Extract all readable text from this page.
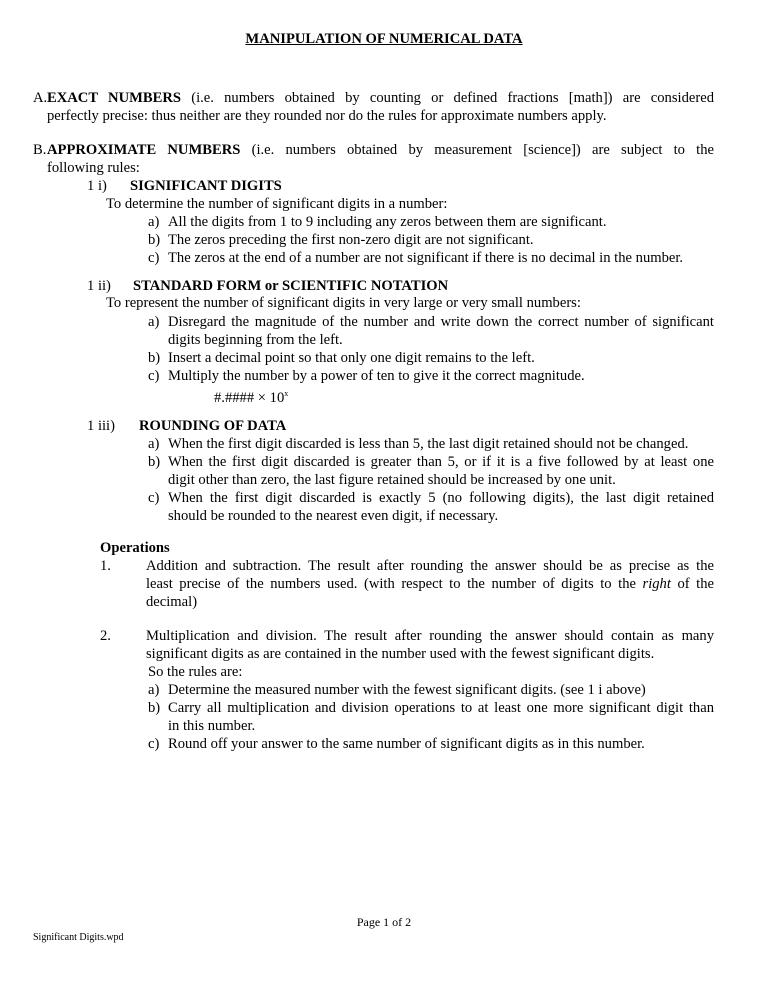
MANIPULATION OF NUMERICAL DATA
A. EXACT NUMBERS (i.e. numbers obtained by counting or defined fractions [math]) are considered
perfectly precise: thus neither are they rounded nor do the rules for approximate numbers apply.
B. APPROXIMATE NUMBERS (i.e. numbers obtained by measurement [science]) are subject to the
following rules:
1 i) SIGNIFICANT DIGITS
To determine the number of significant digits in a number:
a) All the digits from 1 to 9 including any zeros between them are significant.
b) The zeros preceding the first non-zero digit are not significant.
c) The zeros at the end of a number are not significant if there is no decimal in the number.
1 ii) STANDARD FORM or SCIENTIFIC NOTATION
To represent the number of significant digits in very large or very small numbers:
a) Disregard the magnitude of the number and write down the correct number of significant
digits beginning from the left.
b) Insert a decimal point so that only one digit remains to the left.
c) Multiply the number by a power of ten to give it the correct magnitude.
#.#### × $10^x$
1 iii) ROUNDING OF DATA
a) When the first digit discarded is less than 5, the last digit retained should not be changed.
b) When the first digit discarded is greater than 5, or if it is a five followed by at least one
digit other than zero, the last figure retained should be increased by one unit.
c) When the first digit discarded is exactly 5 (no following digits), the last digit retained
should be rounded to the nearest even digit, if necessary.
Operations
1. Addition and subtraction. The result after rounding the answer should be as precise as the
least precise of the numbers used. (with respect to the number of digits to the right of the
decimal)
2. Multiplication and division. The result after rounding the answer should contain as many
significant digits as are contained in the number used with the fewest significant digits.
So the rules are:
a) Determine the measured number with the fewest significant digits. (see 1 i above)
b) Carry all multiplication and division operations to at least one more significant digit than
in this number.
c) Round off your answer to the same number of significant digits as in this number.
Page 1 of 2
Significant Digits.wpd
